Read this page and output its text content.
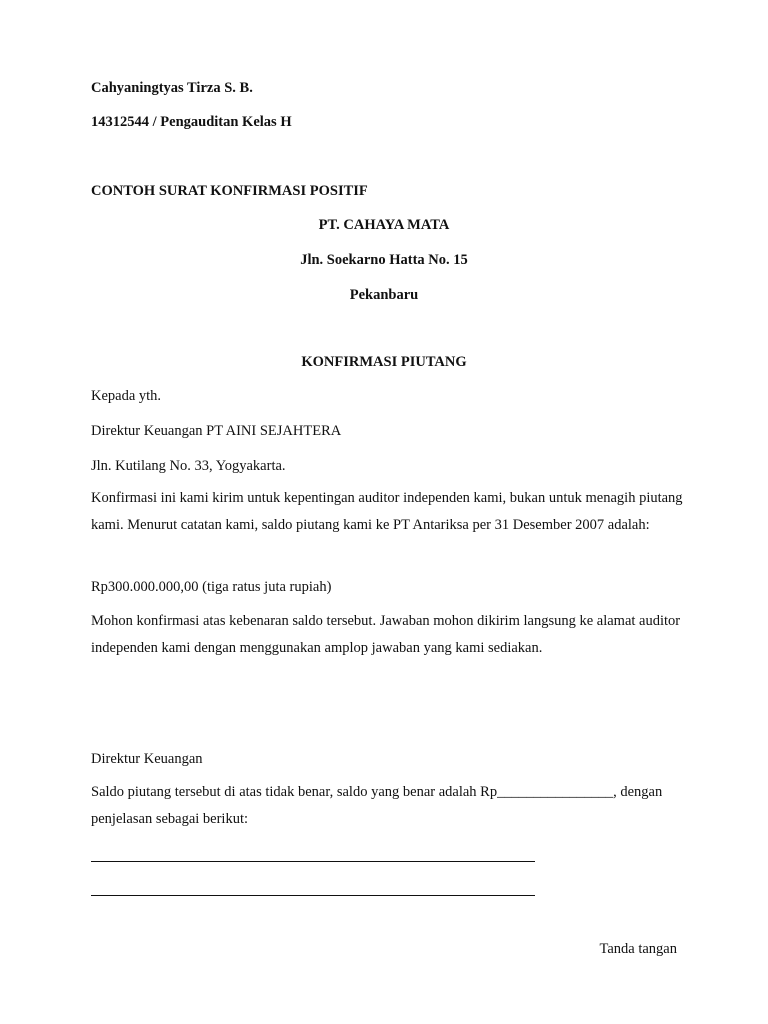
Cahyaningtyas Tirza S. B.
14312544 / Pengauditan Kelas H
CONTOH SURAT KONFIRMASI POSITIF
PT. CAHAYA MATA
Jln. Soekarno Hatta No. 15
Pekanbaru
KONFIRMASI PIUTANG
Kepada yth.
Direktur Keuangan PT AINI SEJAHTERA
Jln. Kutilang No. 33, Yogyakarta.
Konfirmasi ini kami kirim untuk kepentingan auditor independen kami, bukan untuk menagih piutang kami. Menurut catatan kami, saldo piutang kami ke PT Antariksa per 31 Desember 2007 adalah:
Rp300.000.000,00 (tiga ratus juta rupiah)
Mohon konfirmasi atas kebenaran saldo tersebut. Jawaban mohon dikirim langsung ke alamat auditor independen kami dengan menggunakan amplop jawaban yang kami sediakan.
Direktur Keuangan
Saldo piutang tersebut di atas tidak benar, saldo yang benar adalah Rp________________, dengan penjelasan sebagai berikut:
Tanda tangan
